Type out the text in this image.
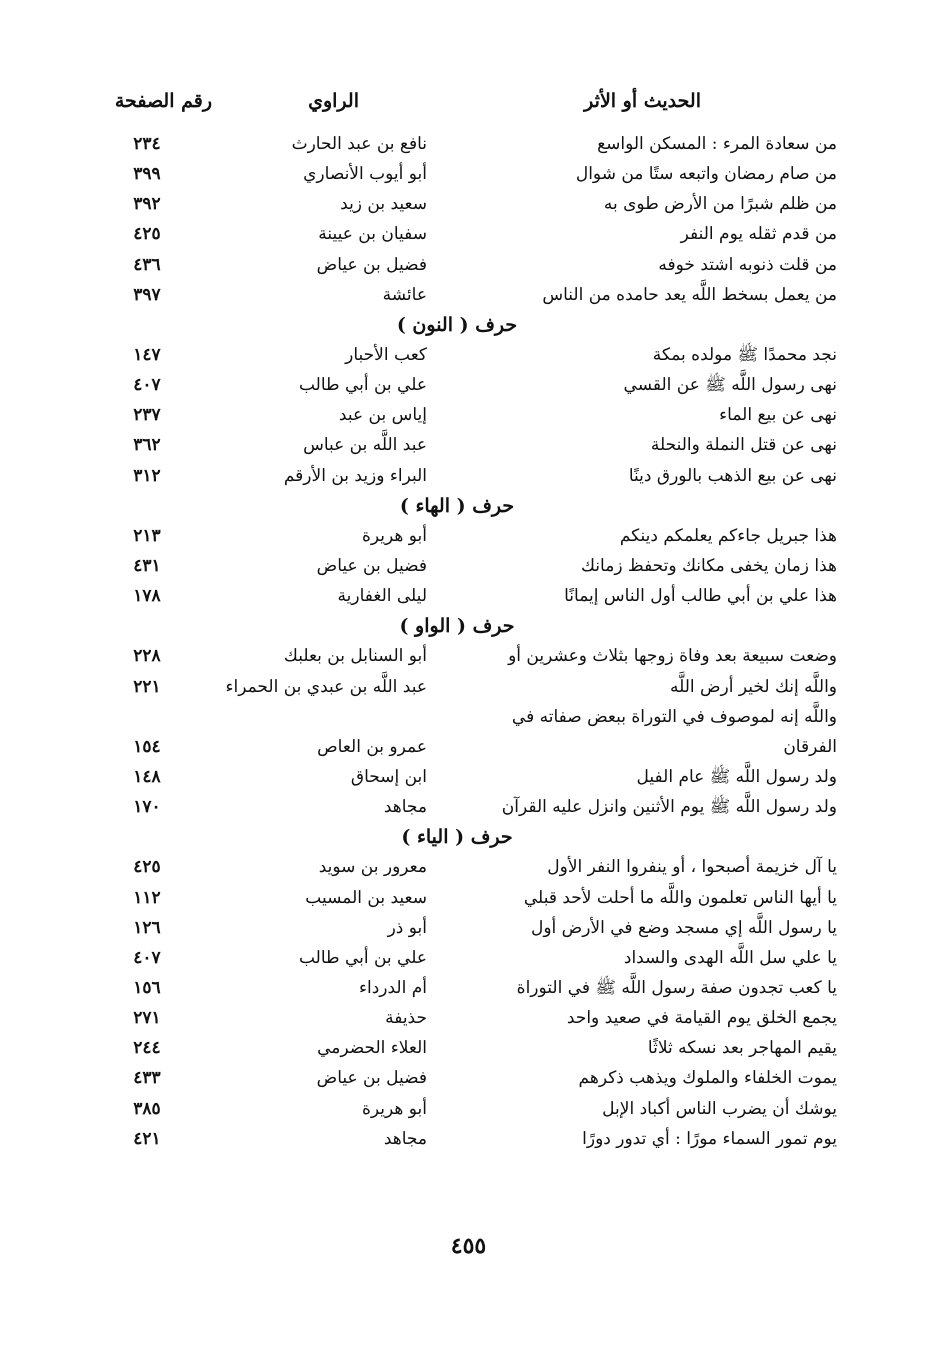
الحديث أو الأثر
الراوي
رقم الصفحة
من سعادة المرء : المسكن الواسع
نافع بن عبد الحارث
٢٣٤
من صام رمضان واتبعه ستًا من شوال
أبو أيوب الأنصاري
٣٩٩
من ظلم شبرًا من الأرض طوى به
سعيد بن زيد
٣٩٢
من قدم ثقله يوم النفر
سفيان بن عيينة
٤٢٥
من قلت ذنوبه اشتد خوفه
فضيل بن عياض
٤٣٦
من يعمل بسخط اللَّه يعد حامده من الناس
عائشة
٣٩٧
حرف ( النون )
نجد محمدًا ﷺ مولده بمكة
كعب الأحبار
١٤٧
نهى رسول اللَّه ﷺ عن القسي
علي بن أبي طالب
٤٠٧
نهى عن بيع الماء
إياس بن عبد
٢٣٧
نهى عن قتل النملة والنحلة
عبد اللَّه بن عباس
٣٦٢
نهى عن بيع الذهب بالورق دينًا
البراء وزيد بن الأرقم
٣١٢
حرف ( الهاء )
هذا جبريل جاءكم يعلمكم دينكم
أبو هريرة
٢١٣
هذا زمان يخفى مكانك وتحفظ زمانك
فضيل بن عياض
٤٣١
هذا علي بن أبي طالب أول الناس إيمانًا
ليلى الغفارية
١٧٨
حرف ( الواو )
وضعت سبيعة بعد وفاة زوجها بثلاث وعشرين أو
أبو السنابل بن بعلبك
٢٢٨
واللَّه إنك لخير أرض اللَّه
عبد اللَّه بن عبدي بن الحمراء
٢٢١
واللَّه إنه لموصوف في التوراة ببعض صفاته في
الفرقان
عمرو بن العاص
١٥٤
ولد رسول اللَّه ﷺ عام الفيل
ابن إسحاق
١٤٨
ولد رسول اللَّه ﷺ يوم الأثنين وانزل عليه القرآن
مجاهد
١٧٠
حرف ( الياء )
يا آل خزيمة أصبحوا ، أو ينفروا النفر الأول
معرور بن سويد
٤٢٥
يا أيها الناس تعلمون واللَّه ما أحلت لأحد قبلي
سعيد بن المسيب
١١٢
يا رسول اللَّه إي مسجد وضع في الأرض أول
أبو ذر
١٢٦
يا علي سل اللَّه الهدى والسداد
علي بن أبي طالب
٤٠٧
يا كعب تجدون صفة رسول اللَّه ﷺ في التوراة
أم الدرداء
١٥٦
يجمع الخلق يوم القيامة في صعيد واحد
حذيفة
٢٧١
يقيم المهاجر بعد نسكه ثلاثًا
العلاء الحضرمي
٢٤٤
يموت الخلفاء والملوك ويذهب ذكرهم
فضيل بن عياض
٤٣٣
يوشك أن يضرب الناس أكباد الإبل
أبو هريرة
٣٨٥
يوم تمور السماء مورًا : أي تدور دورًا
مجاهد
٤٢١
٤٥٥
